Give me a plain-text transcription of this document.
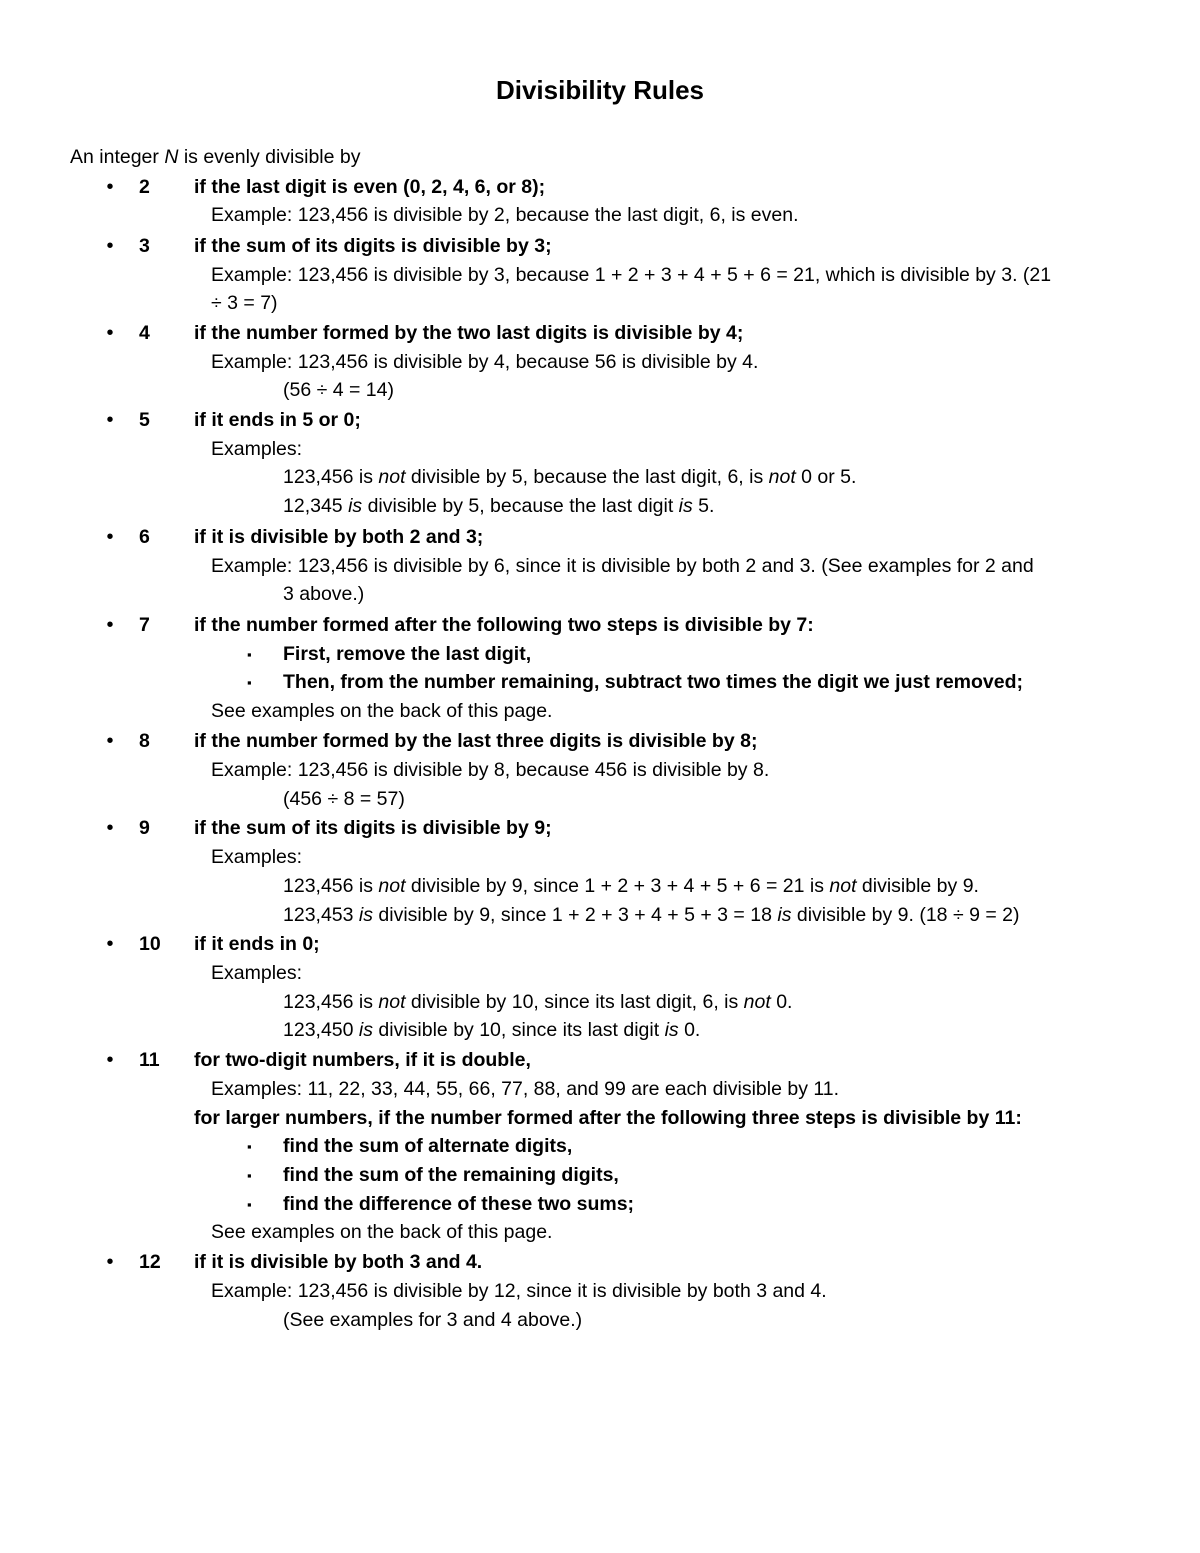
Divisibility Rules
An integer N is evenly divisible by
• 2 if the last digit is even (0, 2, 4, 6, or 8);
Example: 123,456 is divisible by 2, because the last digit, 6, is even.
• 3 if the sum of its digits is divisible by 3;
Example: 123,456 is divisible by 3, because 1 + 2 + 3 + 4 + 5 + 6 = 21, which is divisible by 3. (21
÷ 3 = 7)
• 4 if the number formed by the two last digits is divisible by 4;
Example: 123,456 is divisible by 4, because 56 is divisible by 4.
(56 ÷ 4 = 14)
• 5 if it ends in 5 or 0;
Examples:
123,456 is not divisible by 5, because the last digit, 6, is not 0 or 5.
12,345 is divisible by 5, because the last digit is 5.
• 6 if it is divisible by both 2 and 3;
Example: 123,456 is divisible by 6, since it is divisible by both 2 and 3. (See examples for 2 and
3 above.)
• 7 if the number formed after the following two steps is divisible by 7:
▪ First, remove the last digit,
▪ Then, from the number remaining, subtract two times the digit we just removed;
See examples on the back of this page.
• 8 if the number formed by the last three digits is divisible by 8;
Example: 123,456 is divisible by 8, because 456 is divisible by 8.
(456 ÷ 8 = 57)
• 9 if the sum of its digits is divisible by 9;
Examples:
123,456 is not divisible by 9, since 1 + 2 + 3 + 4 + 5 + 6 = 21 is not divisible by 9.
123,453 is divisible by 9, since 1 + 2 + 3 + 4 + 5 + 3 = 18 is divisible by 9. (18 ÷ 9 = 2)
• 10 if it ends in 0;
Examples:
123,456 is not divisible by 10, since its last digit, 6, is not 0.
123,450 is divisible by 10, since its last digit is 0.
• 11 for two-digit numbers, if it is double,
Examples: 11, 22, 33, 44, 55, 66, 77, 88, and 99 are each divisible by 11.
for larger numbers, if the number formed after the following three steps is divisible by 11:
▪ find the sum of alternate digits,
▪ find the sum of the remaining digits,
▪ find the difference of these two sums;
See examples on the back of this page.
• 12 if it is divisible by both 3 and 4.
Example: 123,456 is divisible by 12, since it is divisible by both 3 and 4.
(See examples for 3 and 4 above.)
